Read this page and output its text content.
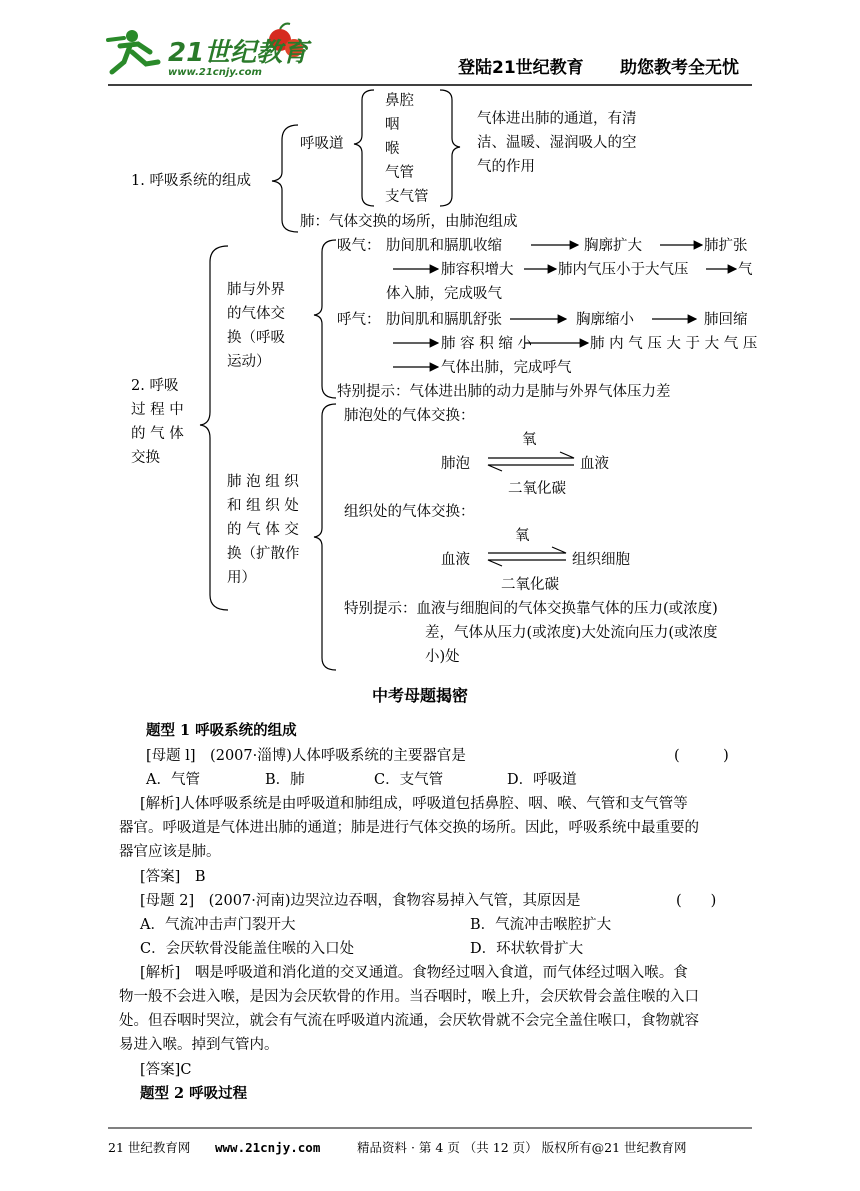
21世纪教育
www.21cnjy.com	登陆21世纪教育 助您教考全无忧
1. 呼吸系统的组成
呼吸道
鼻腔
咽
喉
气管
支气管
气体进出肺的通道，有清
洁、温暖、湿润吸人的空
气的作用
肺：气体交换的场所，由肺泡组成
2. 呼吸
过 程 中
的 气 体
交换
肺与外界
的气体交
换（呼吸
运动）
吸气： 肋间肌和膈肌收缩	胸廓扩大	肺扩张
肺容积增大	肺内气压小于大气压	气
体入肺，完成吸气
呼气： 肋间肌和膈肌舒张	胸廓缩小	肺回缩
肺 容 积 缩 小	肺 内 气 压 大 于 大 气 压
气体出肺，完成呼气
特别提示：气体进出肺的动力是肺与外界气体压力差
肺 泡 组 织
和 组 织 处
的 气 体 交
换（扩散作
用）
肺泡处的气体交换：
氧
肺泡	血液
二氧化碳
组织处的气体交换：
氧
血液	组织细胞
二氧化碳
特别提示：血液与细胞间的气体交换靠气体的压力(或浓度)
差，气体从压力(或浓度)大处流向压力(或浓度
小)处
中考母题揭密
题型 1 呼吸系统的组成
[母题 l]　(2007·淄博)人体呼吸系统的主要器官是	(　　　)
A．气管	B．肺	C．支气管	D．呼吸道
[解析]人体呼吸系统是由呼吸道和肺组成，呼吸道包括鼻腔、咽、喉、气管和支气管等
器官。呼吸道是气体进出肺的通道；肺是进行气体交换的场所。因此，呼吸系统中最重要的
器官应该是肺。
[答案]　B
[母题 2]　(2007·河南)边哭泣边吞咽，食物容易掉入气管，其原因是	(　　)
A．气流冲击声门裂开大	B．气流冲击喉腔扩大
C．会厌软骨没能盖住喉的入口处	D．环状软骨扩大
[解析]　咽是呼吸道和消化道的交叉通道。食物经过咽入食道，而气体经过咽入喉。食
物一般不会进入喉，是因为会厌软骨的作用。当吞咽时，喉上升，会厌软骨会盖住喉的入口
处。但吞咽时哭泣，就会有气流在呼吸道内流通，会厌软骨就不会完全盖住喉口，食物就容
易进入喉。掉到气管内。
[答案]C
题型 2 呼吸过程
21 世纪教育网 www.21cnjy.com	精品资料 · 第 4 页 （共 12 页） 版权所有@21 世纪教育网
